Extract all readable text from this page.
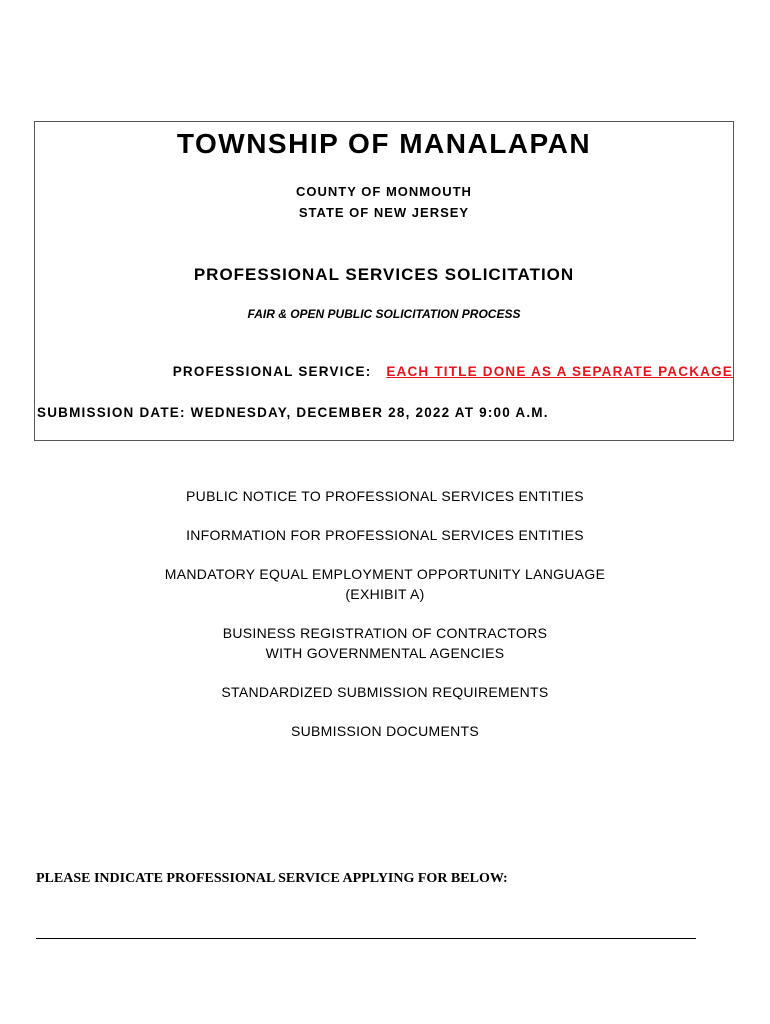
TOWNSHIP OF MANALAPAN
COUNTY OF MONMOUTH
STATE OF NEW JERSEY
PROFESSIONAL SERVICES SOLICITATION
FAIR & OPEN PUBLIC SOLICITATION PROCESS
PROFESSIONAL SERVICE: EACH TITLE DONE AS A SEPARATE PACKAGE
SUBMISSION DATE: WEDNESDAY, DECEMBER 28, 2022 AT 9:00 A.M.
PUBLIC NOTICE TO PROFESSIONAL SERVICES ENTITIES
INFORMATION FOR PROFESSIONAL SERVICES ENTITIES
MANDATORY EQUAL EMPLOYMENT OPPORTUNITY LANGUAGE
(EXHIBIT A)
BUSINESS REGISTRATION OF CONTRACTORS
WITH GOVERNMENTAL AGENCIES
STANDARDIZED SUBMISSION REQUIREMENTS
SUBMISSION DOCUMENTS
PLEASE INDICATE PROFESSIONAL SERVICE APPLYING FOR BELOW:
